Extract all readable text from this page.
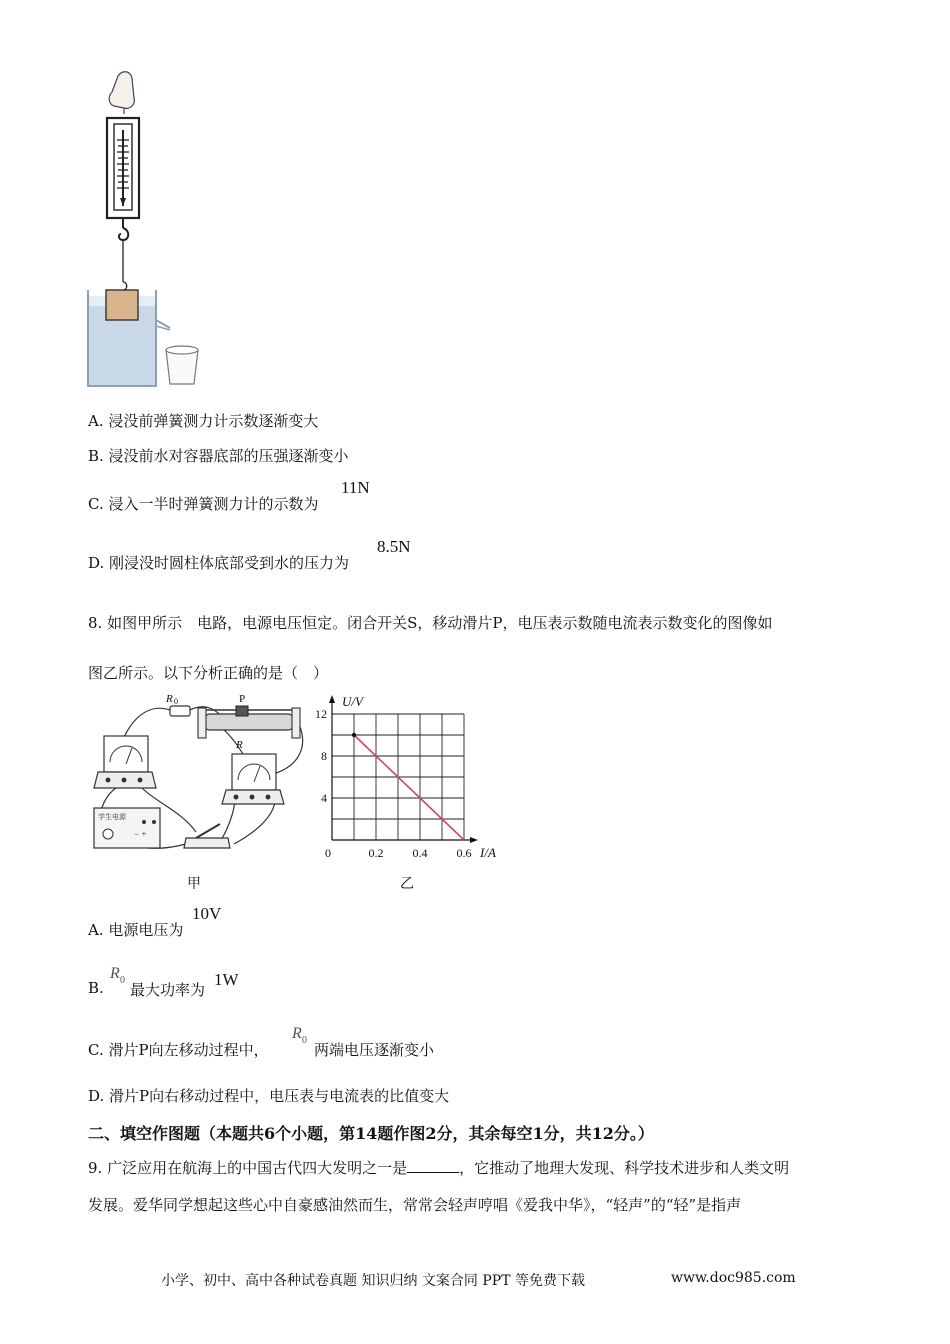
A. 浸没前弹簧测力计示数逐渐变大
B. 浸没前水对容器底部的压强逐渐变小
C. 浸入一半时弹簧测力计的示数为
11N
D. 刚浸没时圆柱体底部受到水的压力为
8.5N
8. 如图甲所示　电路，电源电压恒定。闭合开关S，移动滑片P，电压表示数随电流表示数变化的图像如
图乙所示。以下分析正确的是（　）
R 0	P
R
学生电源
− +
0	0.2 0.4 0.6
4
8
12
U/V
I/A
甲	乙
A. 电源电压为
10V
B.
R 0
最大功率为
1W
C. 滑片P向左移动过程中，
R 0
两端电压逐渐变小
D. 滑片P向右移动过程中，电压表与电流表的比值变大
二、填空作图题（本题共6个小题，第14题作图2分，其余每空1分，共12分。）
9. 广泛应用在航海上的中国古代四大发明之一是	，它推动了地理大发现、科学技术进步和人类文明
发展。爱华同学想起这些心中自豪感油然而生，常常会轻声哼唱《爱我中华》，“轻声”的“轻”是指声
小学、初中、高中各种试卷真题 知识归纳 文案合同 PPT 等免费下载	www.doc985.com
